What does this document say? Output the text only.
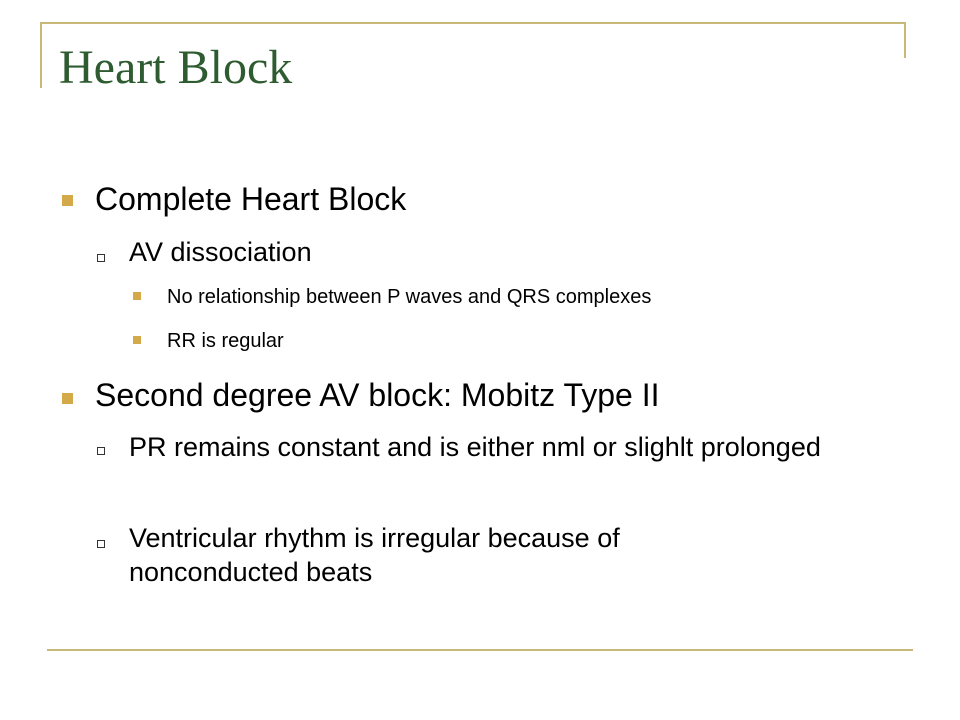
Heart Block
Complete Heart Block
AV dissociation
No relationship between P waves and QRS complexes
RR is regular
Second degree AV block: Mobitz Type II
PR remains constant and is either nml or slighlt prolonged
Ventricular rhythm is irregular because of nonconducted beats
